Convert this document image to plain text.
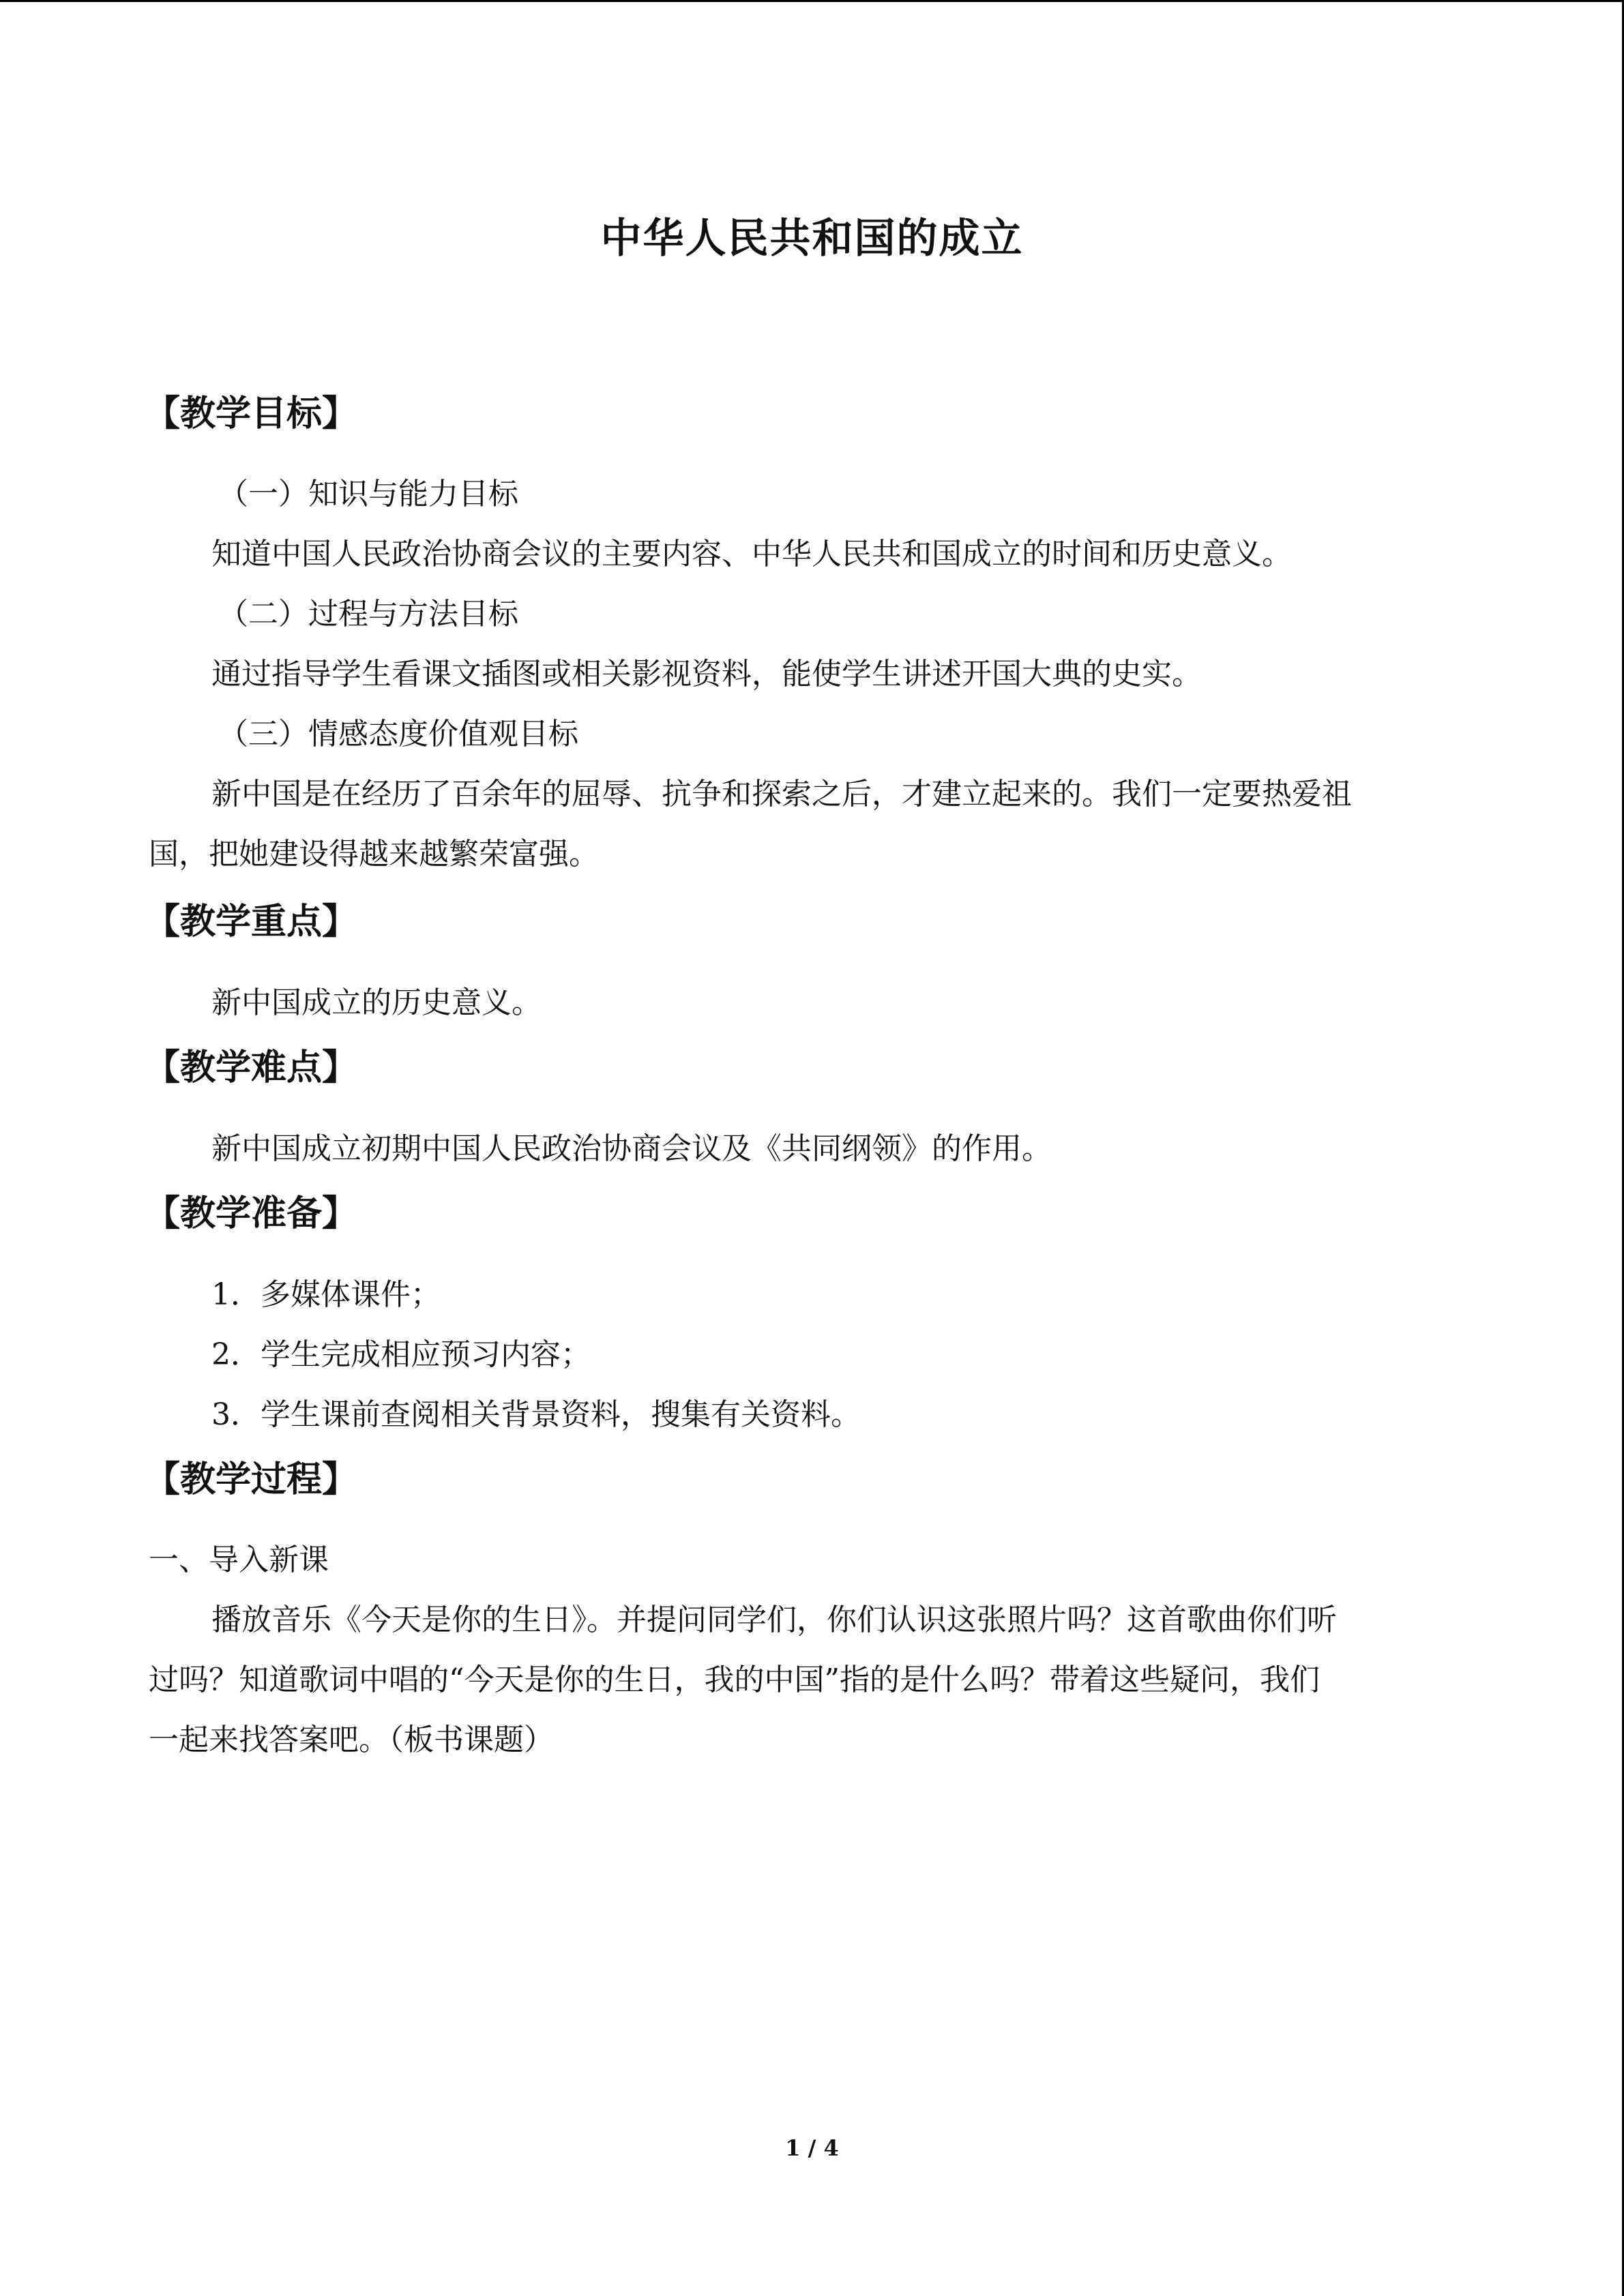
中华人民共和国的成立
【教学目标】
（一）知识与能力目标
知道中国人民政治协商会议的主要内容、中华人民共和国成立的时间和历史意义。
（二）过程与方法目标
通过指导学生看课文插图或相关影视资料，能使学生讲述开国大典的史实。
（三）情感态度价值观目标
新中国是在经历了百余年的屈辱、抗争和探索之后，才建立起来的。我们一定要热爱祖
国，把她建设得越来越繁荣富强。
【教学重点】
新中国成立的历史意义。
【教学难点】
新中国成立初期中国人民政治协商会议及《共同纲领》的作用。
【教学准备】
1．多媒体课件；
2．学生完成相应预习内容；
3．学生课前查阅相关背景资料，搜集有关资料。
【教学过程】
一、导入新课
播放音乐《今天是你的生日》。并提问同学们，你们认识这张照片吗？这首歌曲你们听
过吗？知道歌词中唱的“今天是你的生日，我的中国”指的是什么吗？带着这些疑问，我们
一起来找答案吧。（板书课题）
1 / 4
